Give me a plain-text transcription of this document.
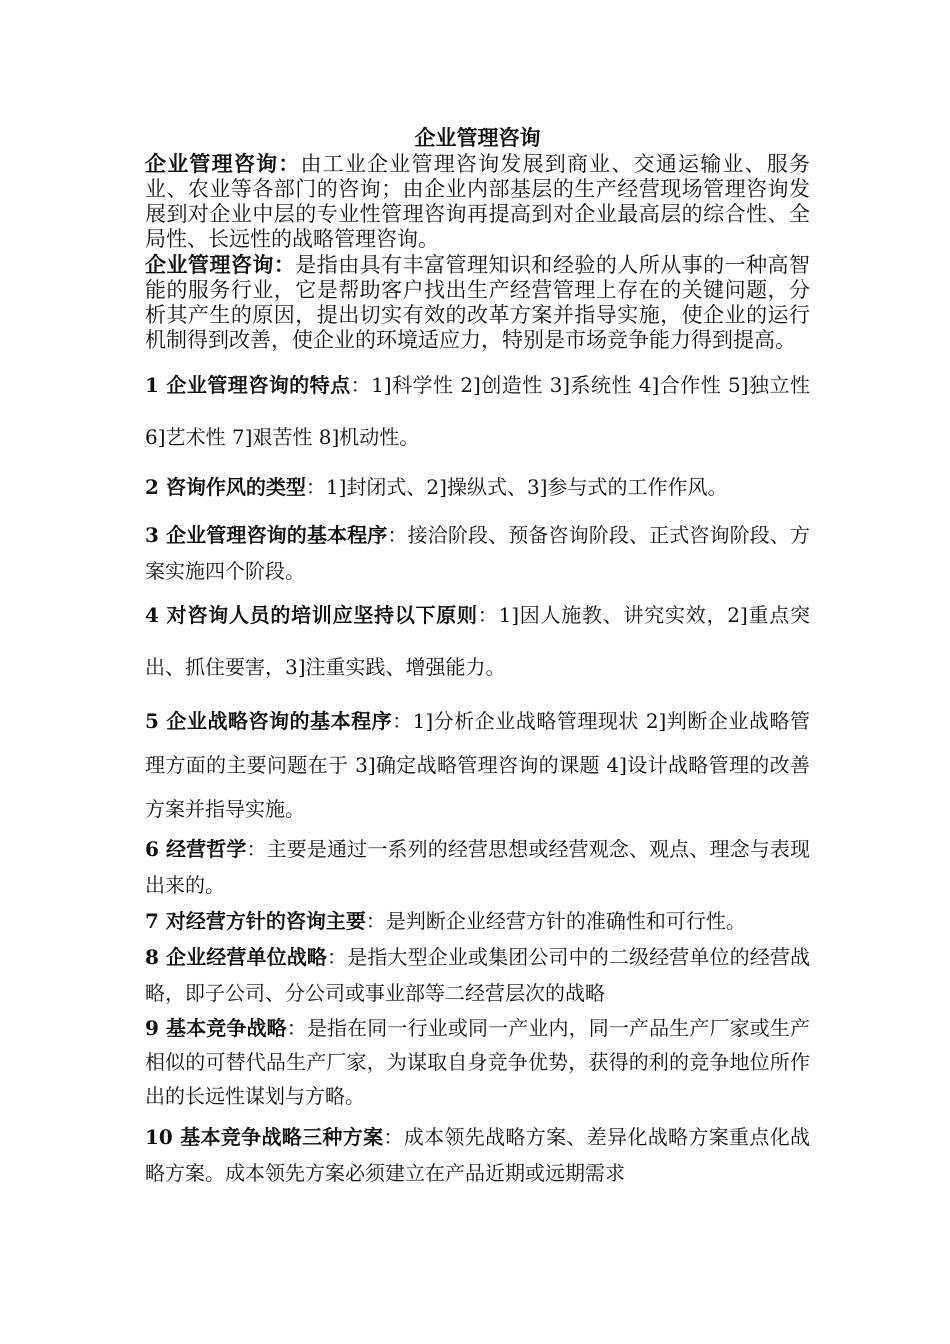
企业管理咨询

企业管理咨询：由工业企业管理咨询发展到商业、交通运输业、服务业、农业等各部门的咨询；由企业内部基层的生产经营现场管理咨询发展到对企业中层的专业性管理咨询再提高到对企业最高层的综合性、全局性、长远性的战略管理咨询。

企业管理咨询：是指由具有丰富管理知识和经验的人所从事的一种高智能的服务行业，它是帮助客户找出生产经营管理上存在的关键问题，分析其产生的原因，提出切实有效的改革方案并指导实施，使企业的运行机制得到改善，使企业的环境适应力，特别是市场竞争能力得到提高。

1 企业管理咨询的特点：1]科学性 2]创造性 3]系统性 4]合作性 5]独立性 6]艺术性 7]艰苦性 8]机动性。

2 咨询作风的类型：1]封闭式、2]操纵式、3]参与式的工作作风。

3 企业管理咨询的基本程序：接洽阶段、预备咨询阶段、正式咨询阶段、方案实施四个阶段。

4 对咨询人员的培训应坚持以下原则：1]因人施教、讲究实效，2]重点突出、抓住要害，3]注重实践、增强能力。

5 企业战略咨询的基本程序：1]分析企业战略管理现状 2]判断企业战略管理方面的主要问题在于 3]确定战略管理咨询的课题 4]设计战略管理的改善方案并指导实施。

6 经营哲学：主要是通过一系列的经营思想或经营观念、观点、理念与表现出来的。

7 对经营方针的咨询主要：是判断企业经营方针的准确性和可行性。

8 企业经营单位战略：是指大型企业或集团公司中的二级经营单位的经营战略，即子公司、分公司或事业部等二经营层次的战略

9 基本竞争战略：是指在同一行业或同一产业内，同一产品生产厂家或生产相似的可替代品生产厂家，为谋取自身竞争优势，获得的利的竞争地位所作出的长远性谋划与方略。

10 基本竞争战略三种方案：成本领先战略方案、差异化战略方案重点化战略方案。成本领先方案必须建立在产品近期或远期需求
